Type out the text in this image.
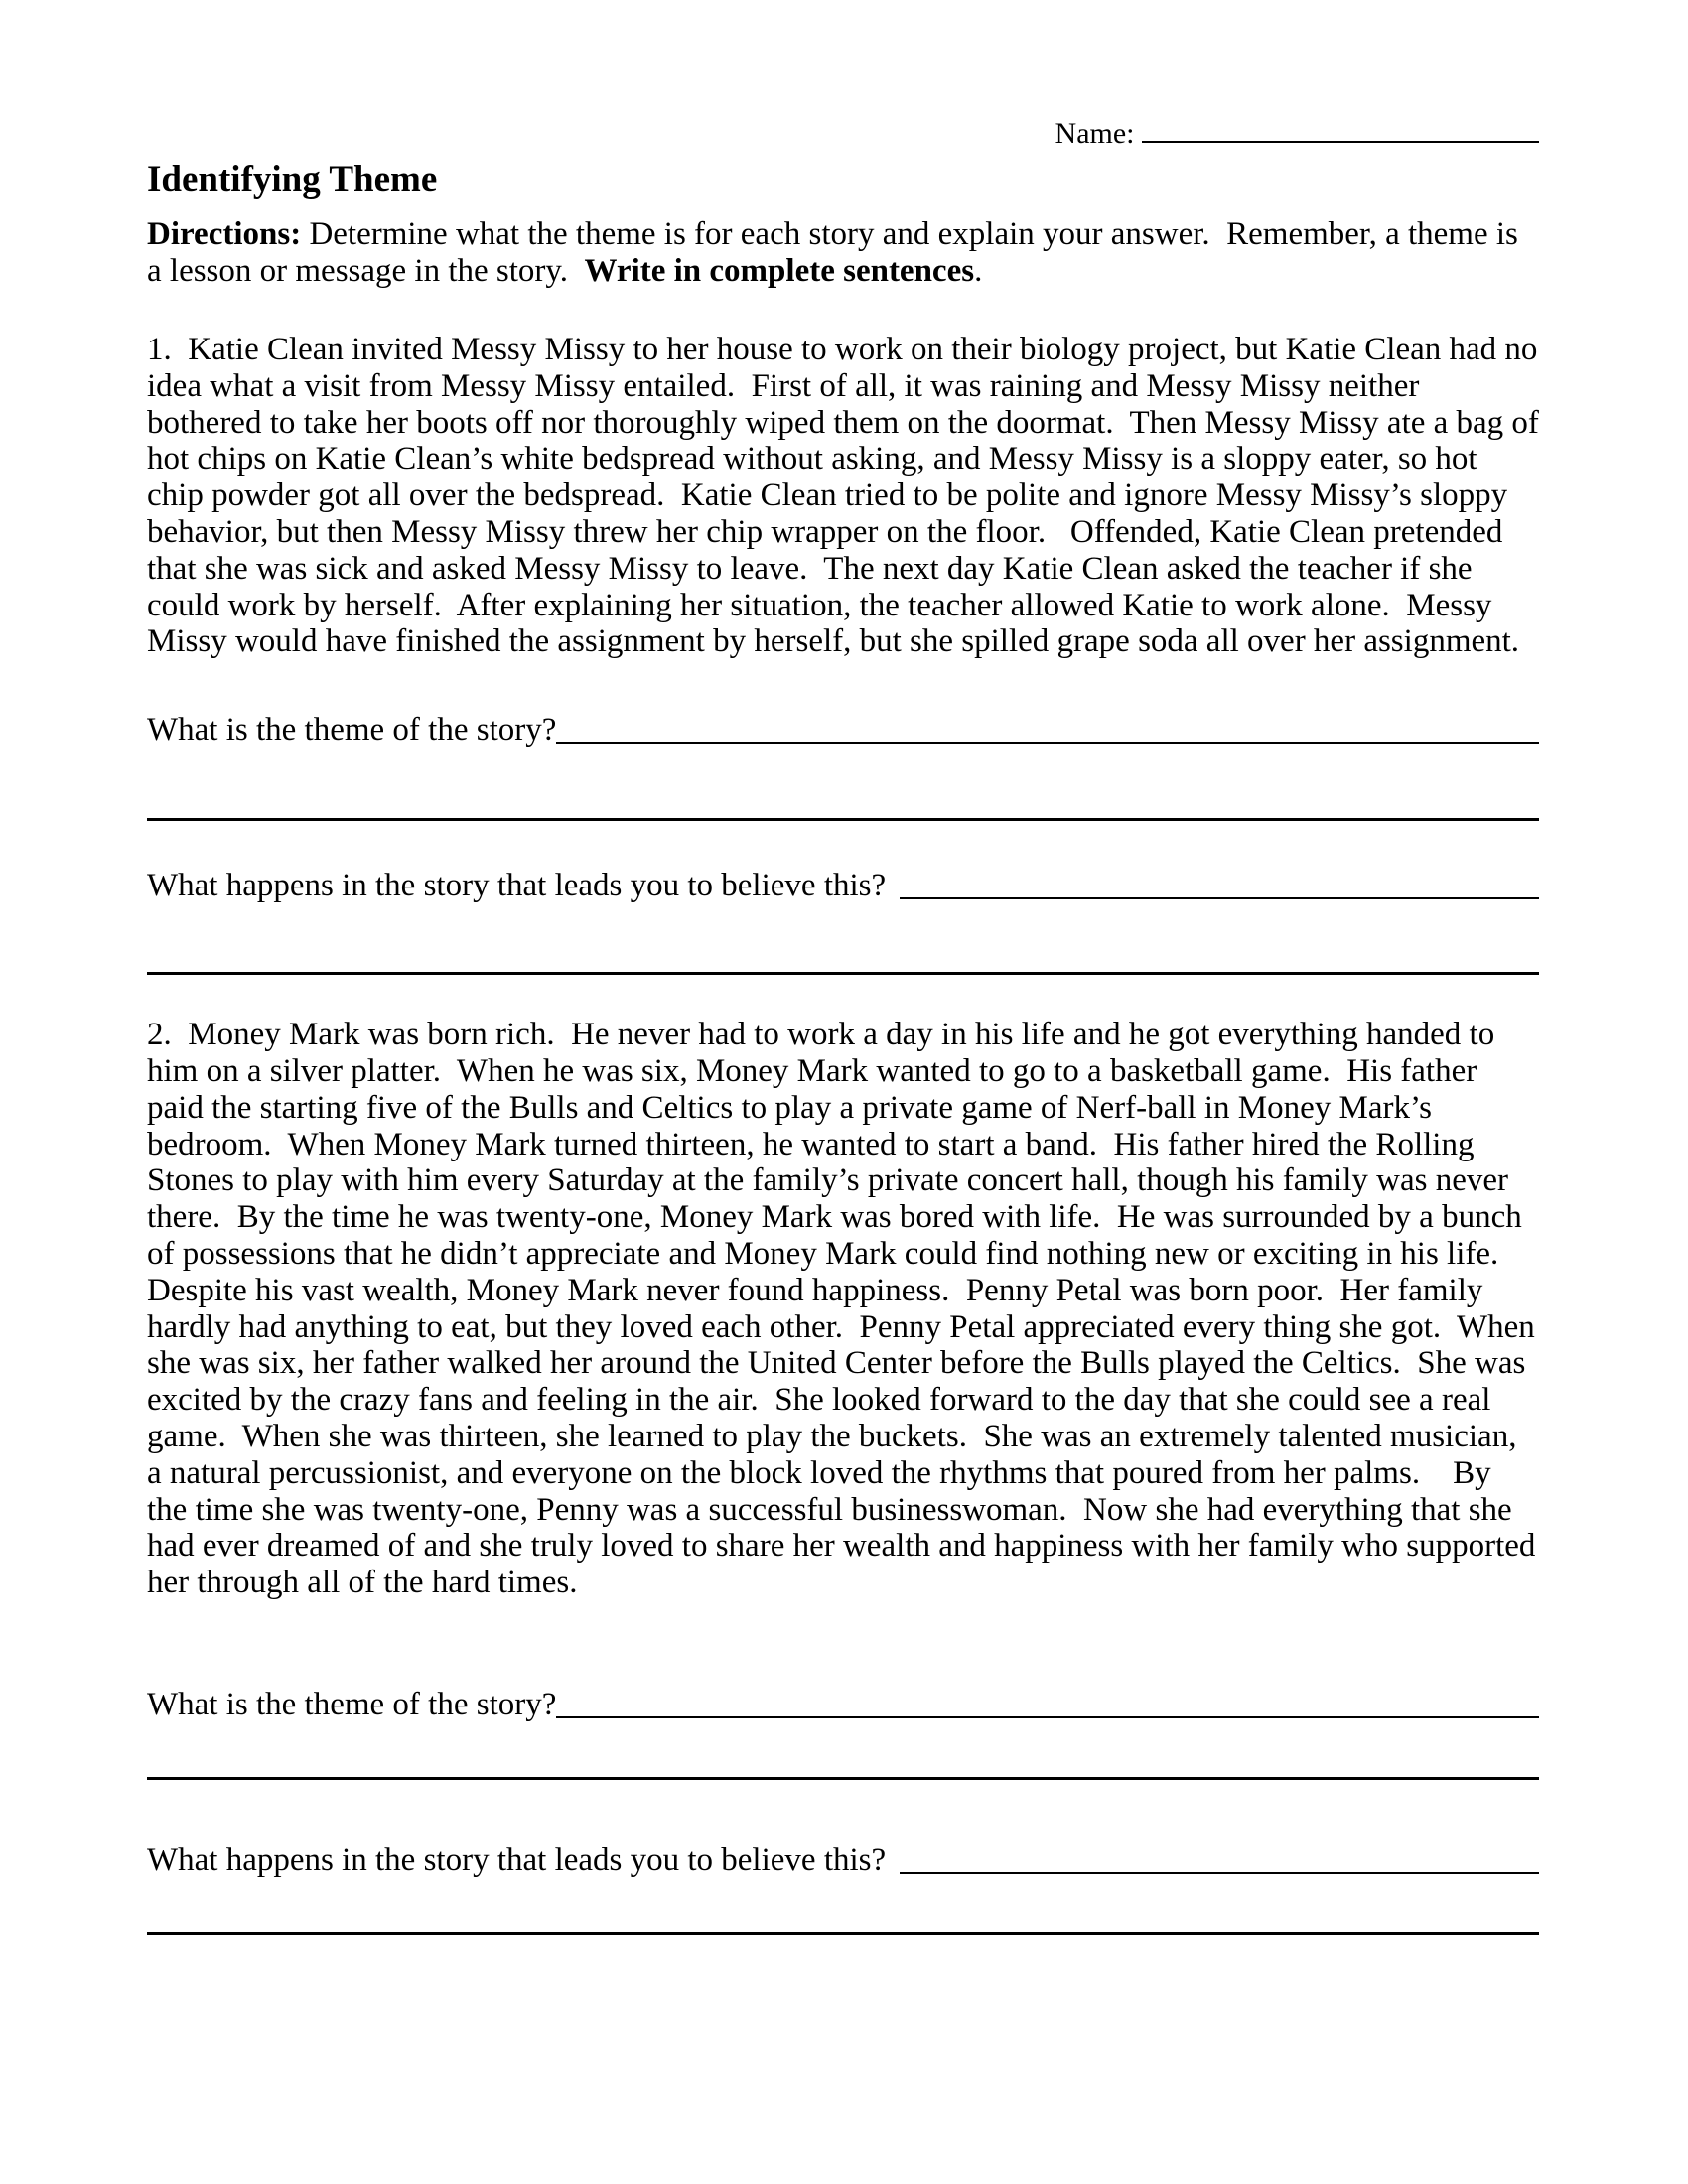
Name:
Identifying Theme

Directions: Determine what the theme is for each story and explain your answer.  Remember, a theme is a lesson or message in the story.  Write in complete sentences.

1.  Katie Clean invited Messy Missy to her house to work on their biology project, but Katie Clean had no idea what a visit from Messy Missy entailed.  First of all, it was raining and Messy Missy neither bothered to take her boots off nor thoroughly wiped them on the doormat.  Then Messy Missy ate a bag of hot chips on Katie Clean’s white bedspread without asking, and Messy Missy is a sloppy eater, so hot chip powder got all over the bedspread.  Katie Clean tried to be polite and ignore Messy Missy’s sloppy behavior, but then Messy Missy threw her chip wrapper on the floor.   Offended, Katie Clean pretended that she was sick and asked Messy Missy to leave.  The next day Katie Clean asked the teacher if she could work by herself.  After explaining her situation, the teacher allowed Katie to work alone.  Messy Missy would have finished the assignment by herself, but she spilled grape soda all over her assignment.

What is the theme of the story?
What happens in the story that leads you to believe this?

2.  Money Mark was born rich.  He never had to work a day in his life and he got everything handed to him on a silver platter.  When he was six, Money Mark wanted to go to a basketball game.  His father paid the starting five of the Bulls and Celtics to play a private game of Nerf-ball in Money Mark’s bedroom.  When Money Mark turned thirteen, he wanted to start a band.  His father hired the Rolling Stones to play with him every Saturday at the family’s private concert hall, though his family was never there.  By the time he was twenty-one, Money Mark was bored with life.  He was surrounded by a bunch of possessions that he didn’t appreciate and Money Mark could find nothing new or exciting in his life.  Despite his vast wealth, Money Mark never found happiness.  Penny Petal was born poor.  Her family hardly had anything to eat, but they loved each other.  Penny Petal appreciated every thing she got.  When she was six, her father walked her around the United Center before the Bulls played the Celtics.  She was excited by the crazy fans and feeling in the air.  She looked forward to the day that she could see a real game.  When she was thirteen, she learned to play the buckets.  She was an extremely talented musician, a natural percussionist, and everyone on the block loved the rhythms that poured from her palms.    By the time she was twenty-one, Penny was a successful businesswoman.  Now she had everything that she had ever dreamed of and she truly loved to share her wealth and happiness with her family who supported her through all of the hard times.

What is the theme of the story?
What happens in the story that leads you to believe this?
